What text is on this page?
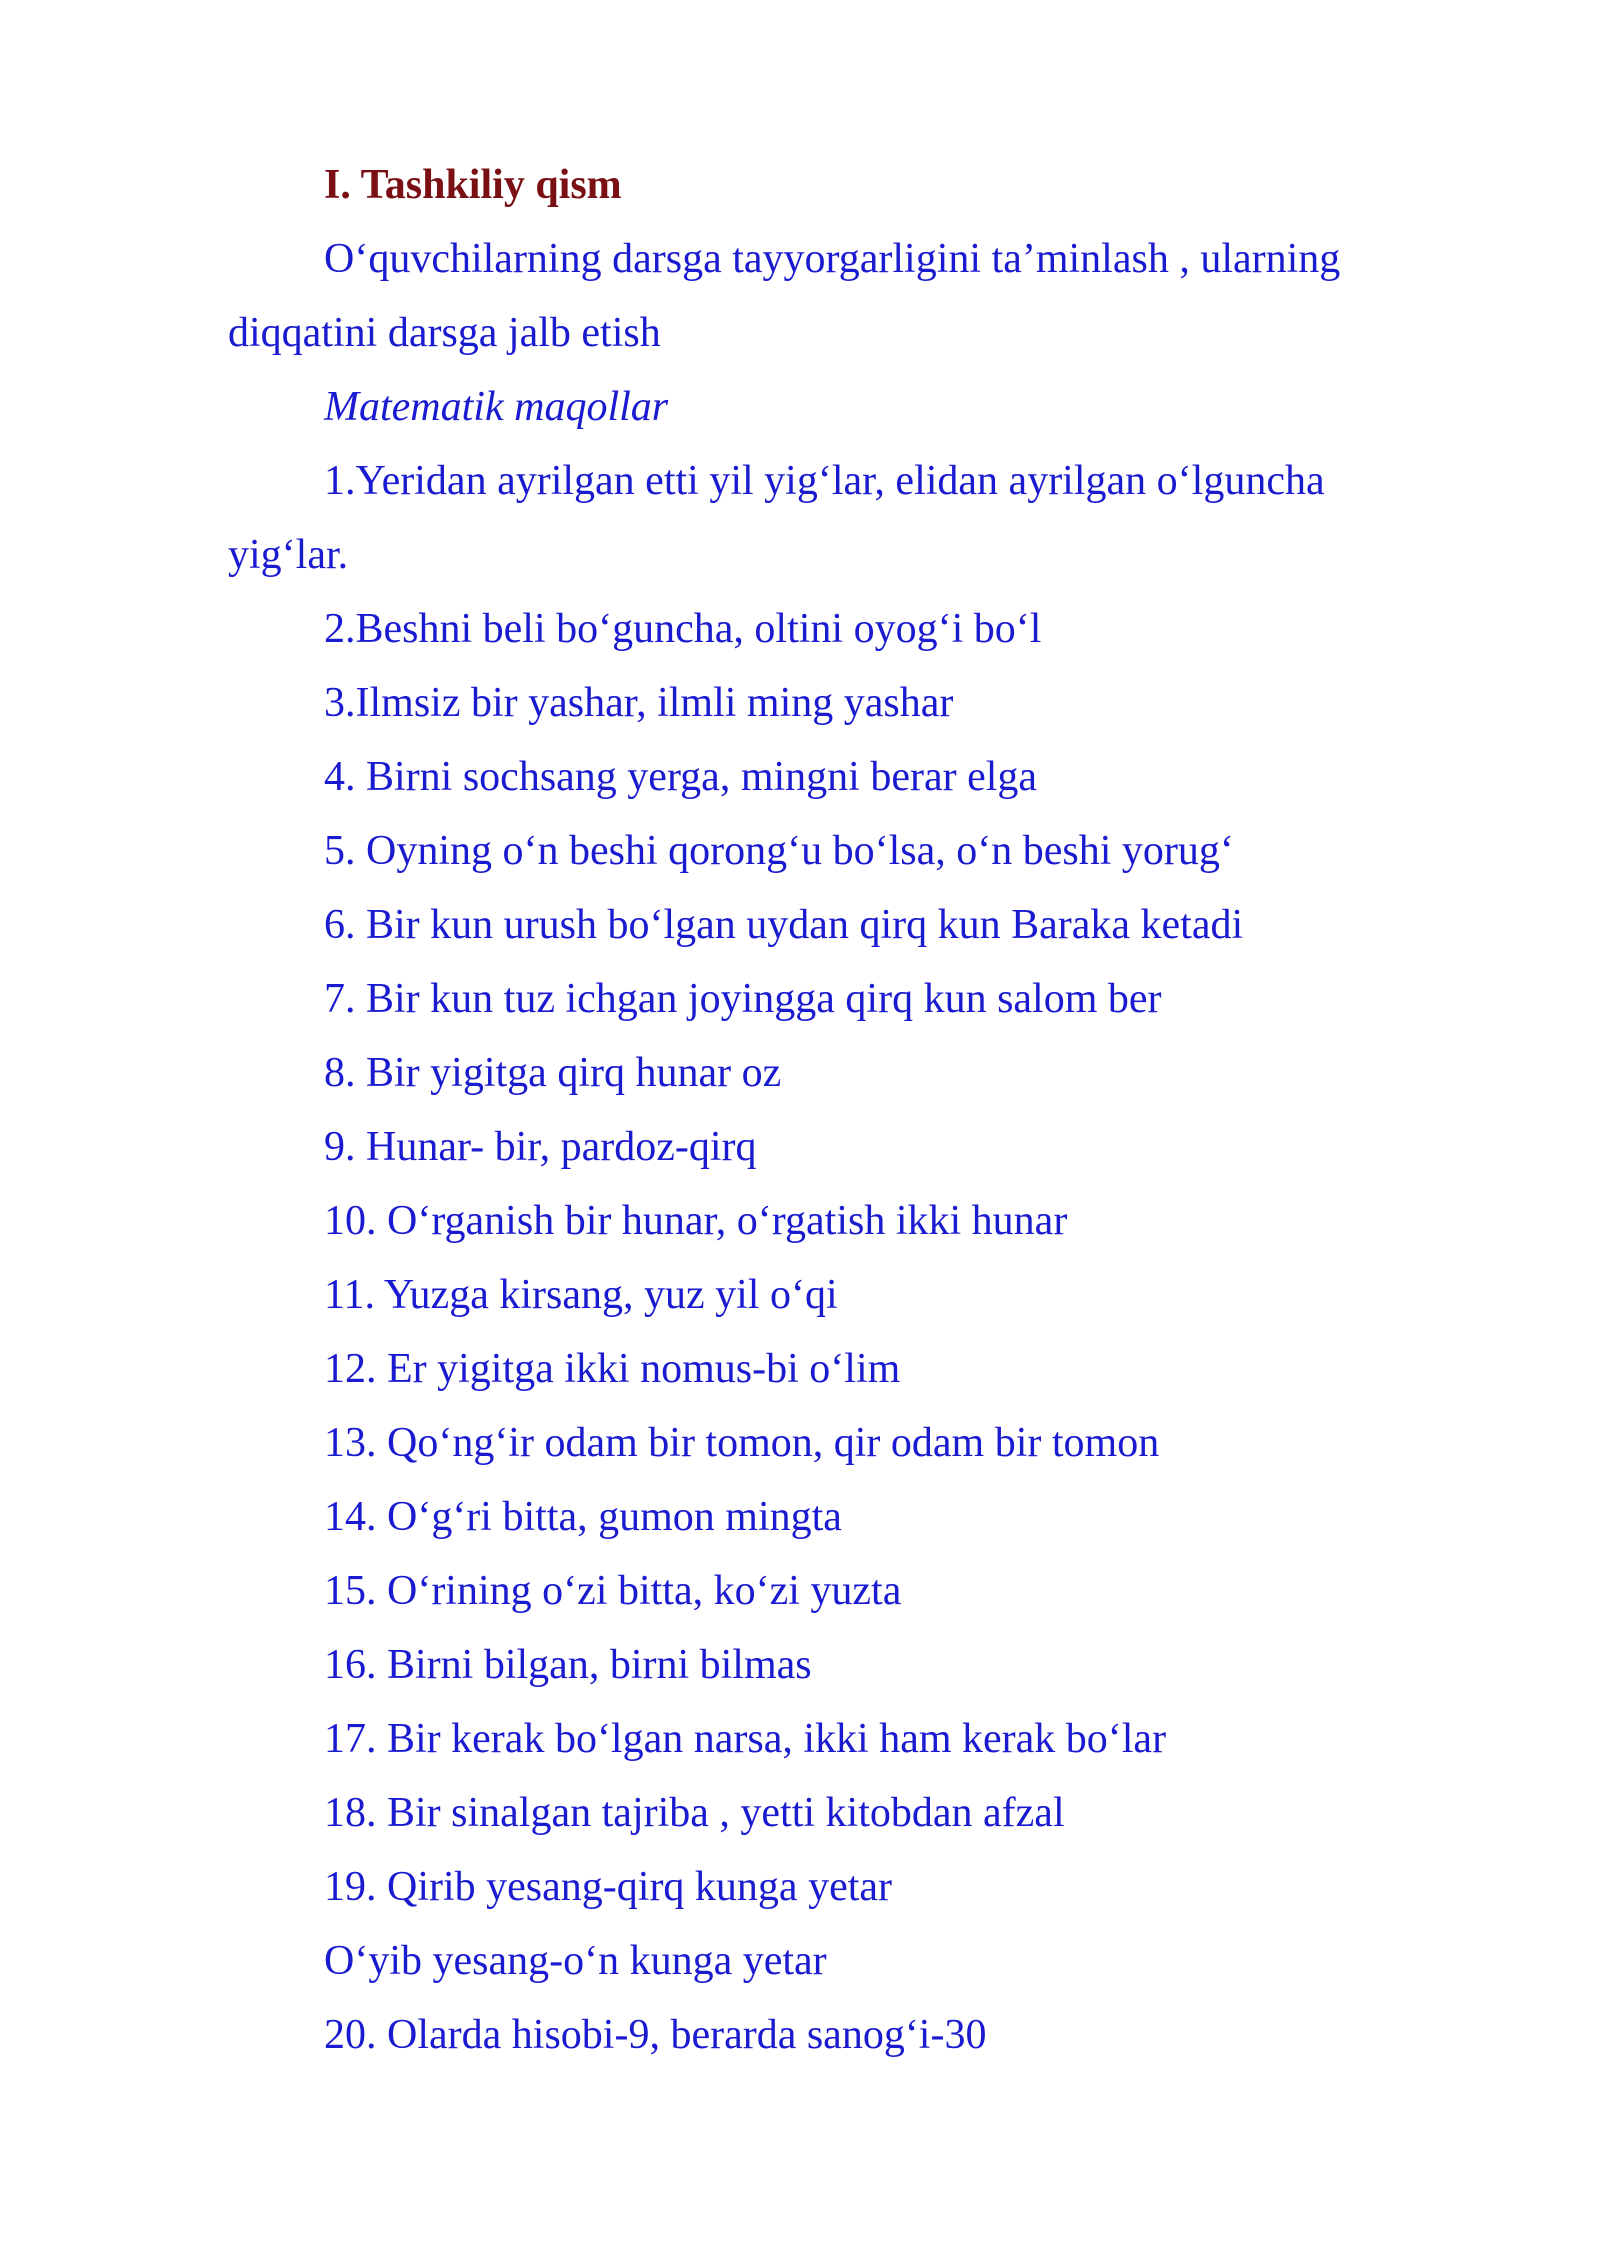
I. Tashkiliy qism
O‘quvchilarning darsga tayyorgarligini ta’minlash , ularning
diqqatini darsga jalb etish
Matematik maqollar
1.Yeridan ayrilgan etti yil yig‘lar, elidan ayrilgan o‘lguncha
yig‘lar.
2.Beshni beli bo‘guncha, oltini oyog‘i bo‘l
3.Ilmsiz bir yashar, ilmli ming yashar
4. Birni sochsang yerga, mingni berar elga
5. Oyning o‘n beshi qorong‘u bo‘lsa, o‘n beshi yorug‘
6. Bir kun urush bo‘lgan uydan qirq kun Baraka ketadi
7. Bir kun tuz ichgan joyingga qirq kun salom ber
8. Bir yigitga qirq hunar oz
9. Hunar- bir, pardoz-qirq
10. O‘rganish bir hunar, o‘rgatish ikki hunar
11. Yuzga kirsang, yuz yil o‘qi
12. Er yigitga ikki nomus-bi o‘lim
13. Qo‘ng‘ir odam bir tomon, qir odam bir tomon
14. O‘g‘ri bitta, gumon mingta
15. O‘rining o‘zi bitta, ko‘zi yuzta
16. Birni bilgan, birni bilmas
17. Bir kerak bo‘lgan narsa, ikki ham kerak bo‘lar
18. Bir sinalgan tajriba , yetti kitobdan afzal
19. Qirib yesang-qirq kunga yetar
O‘yib yesang-o‘n kunga yetar
20. Olarda hisobi-9, berarda sanog‘i-30
